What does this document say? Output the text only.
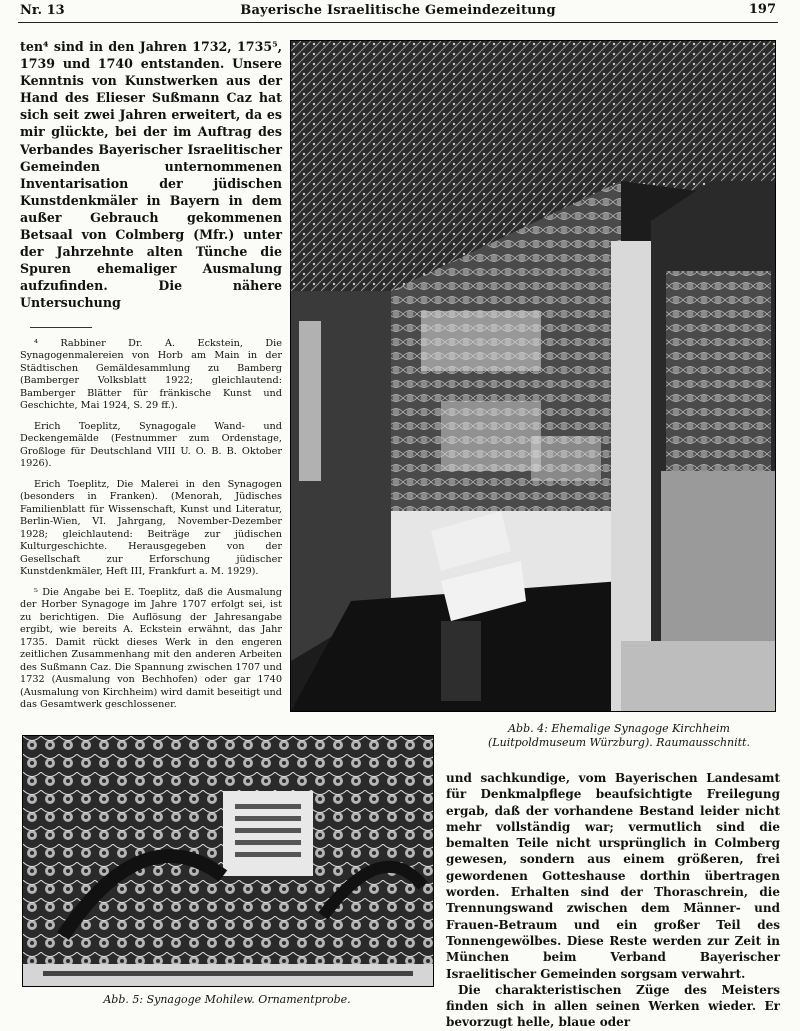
Nr. 13	Bayerische Israelitische Gemeindezeitung	197

ten⁴ sind in den Jahren 1732, 1735⁵, 1739 und 1740 entstanden. Unsere Kenntnis von Kunstwerken aus der Hand des Elieser Sußmann Caz hat sich seit zwei Jahren erweitert, da es mir glückte, bei der im Auftrag des Verbandes Bayerischer Israelitischer Gemeinden unternommenen Inventarisation der jüdischen Kunstdenkmäler in Bayern in dem außer Gebrauch gekommenen Betsaal von Colmberg (Mfr.) unter der Jahrzehnte alten Tünche die Spuren ehemaliger Ausmalung aufzufinden. Die nähere Untersuchung

⁴ Rabbiner Dr. A. Eckstein, Die Synagogenmalereien von Horb am Main in der Städtischen Gemäldesammlung zu Bamberg (Bamberger Volksblatt 1922; gleichlautend: Bamberger Blätter für fränkische Kunst und Geschichte, Mai 1924, S. 29 ff.).

Erich Toeplitz, Synagogale Wand- und Deckengemälde (Festnummer zum Ordenstage, Großloge für Deutschland VIII U. O. B. B. Oktober 1926).

Erich Toeplitz, Die Malerei in den Synagogen (besonders in Franken). (Menorah, Jüdisches Familienblatt für Wissenschaft, Kunst und Literatur, Berlin-Wien, VI. Jahrgang, November-Dezember 1928; gleichlautend: Beiträge zur jüdischen Kulturgeschichte. Herausgegeben von der Gesellschaft zur Erforschung jüdischer Kunstdenkmäler, Heft III, Frankfurt a. M. 1929).

⁵ Die Angabe bei E. Toeplitz, daß die Ausmalung der Horber Synagoge im Jahre 1707 erfolgt sei, ist zu berichtigen. Die Auflösung der Jahresangabe ergibt, wie bereits A. Eckstein erwähnt, das Jahr 1735. Damit rückt dieses Werk in den engeren zeitlichen Zusammenhang mit den anderen Arbeiten des Sußmann Caz. Die Spannung zwischen 1707 und 1732 (Ausmalung von Bechhofen) oder gar 1740 (Ausmalung von Kirchheim) wird damit beseitigt und das Gesamtwerk geschlossener.

Abb. 4: Ehemalige Synagoge Kirchheim (Luitpoldmuseum Würzburg). Raumausschnitt.
Abb. 5: Synagoge Mohilew. Ornamentprobe.

und sachkundige, vom Bayerischen Landesamt für Denkmalpflege beaufsichtigte Freilegung ergab, daß der vorhandene Bestand leider nicht mehr vollständig war; vermutlich sind die bemalten Teile nicht ursprünglich in Colmberg gewesen, sondern aus einem größeren, frei gewordenen Gotteshause dorthin übertragen worden. Erhalten sind der Thoraschrein, die Trennungswand zwischen dem Männer- und Frauen-Betraum und ein großer Teil des Tonnengewölbes. Diese Reste werden zur Zeit in München beim Verband Bayerischer Israelitischer Gemeinden sorgsam verwahrt.

Die charakteristischen Züge des Meisters finden sich in allen seinen Werken wieder. Er bevorzugt helle, blaue oder
